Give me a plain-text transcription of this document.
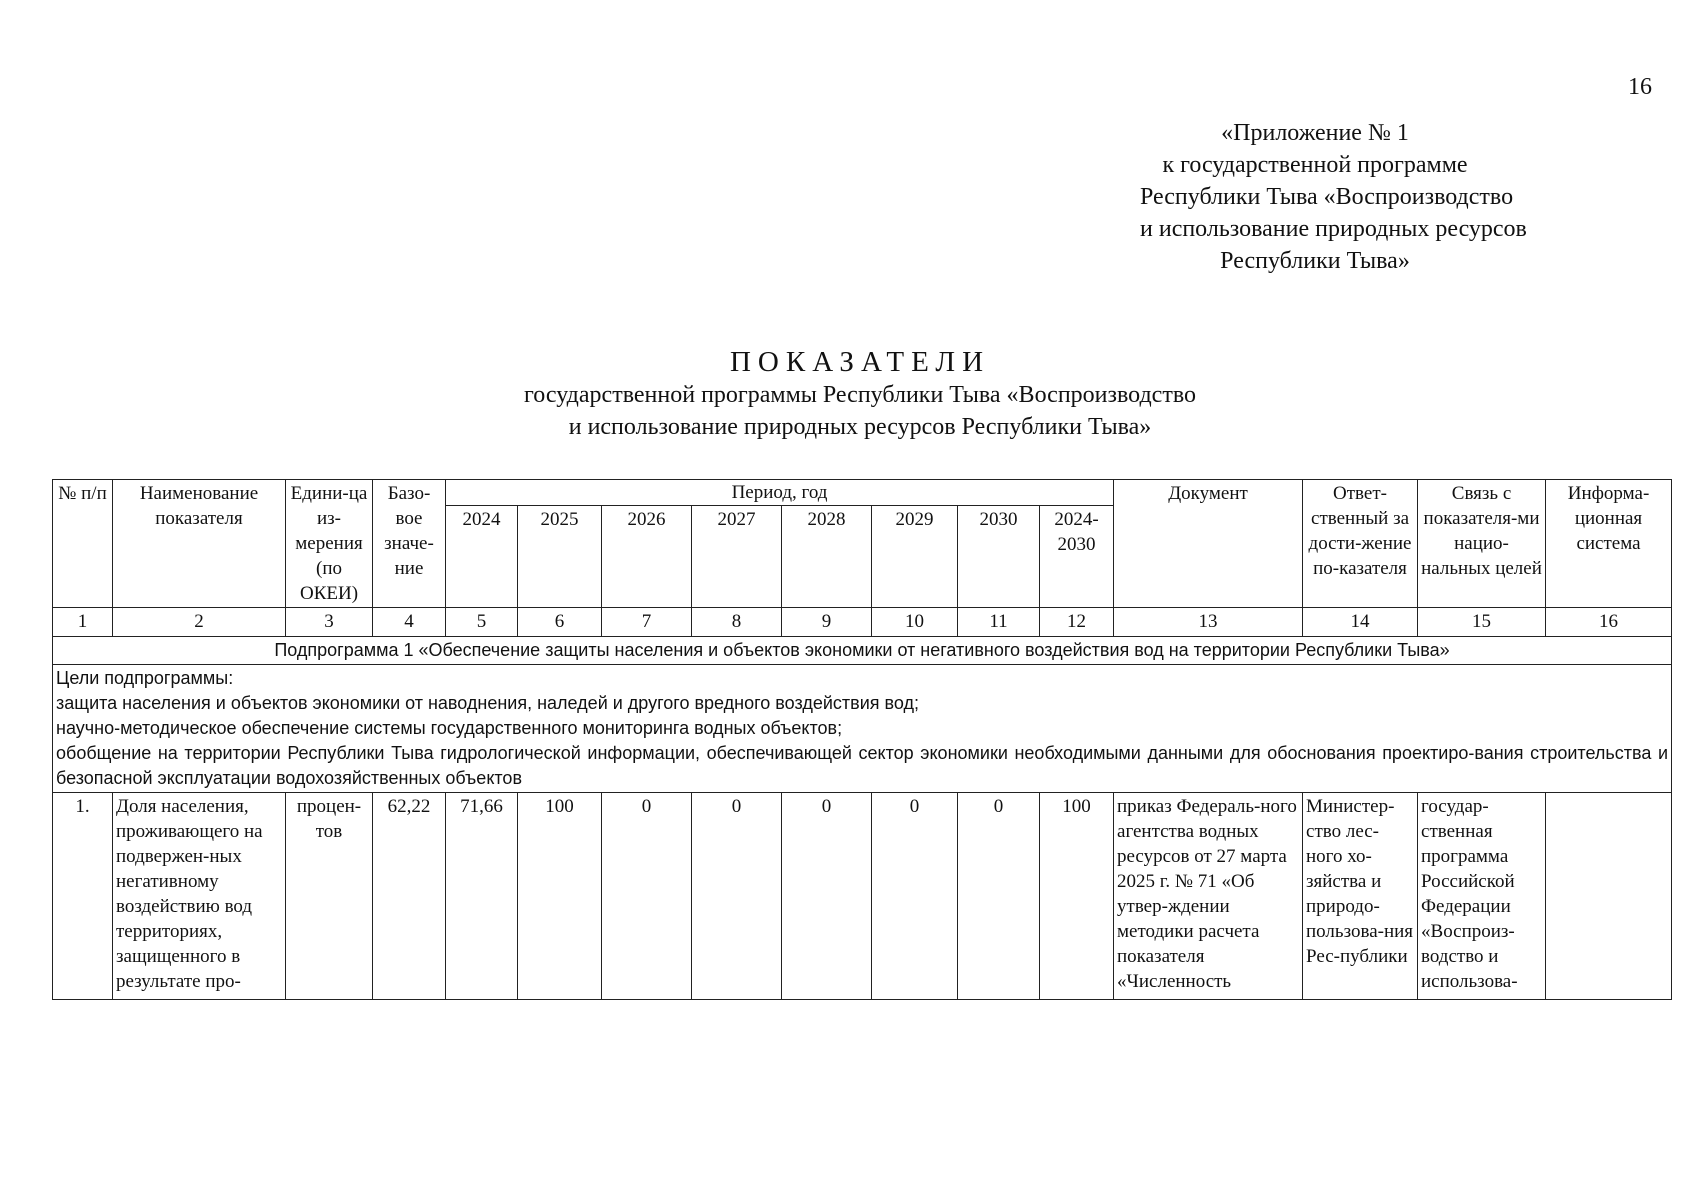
16
«Приложение № 1
к государственной программе
Республики Тыва «Воспроизводство
и использование природных ресурсов
Республики Тыва»
ПОКАЗАТЕЛИ
государственной программы Республики Тыва «Воспроизводство
и использование природных ресурсов Республики Тыва»
№ п/п	Наименование показателя	Едини-ца из-мерения (по ОКЕИ)	Базо-вое значе-ние	Период, год								Документ	Ответ-ственный за дости-жение по-казателя	Связь с показателя-ми нацио-нальных целей	Информа-ционная система
				2024	2025	2026	2027	2028	2029	2030	2024-2030				
1	2	3	4	5	6	7	8	9	10	11	12	13	14	15	16
Подпрограмма 1 «Обеспечение защиты населения и объектов экономики от негативного воздействия вод на территории Республики Тыва»															

Цели подпрограммы:
защита населения и объектов экономики от наводнения, наледей и другого вредного воздействия вод;
научно-методическое обеспечение системы государственного мониторинга водных объектов;
обобщение на территории Республики Тыва гидрологической информации, обеспечивающей сектор экономики необходимыми данными для обоснования проектиро-вания строительства и безопасной эксплуатации водохозяйственных объектов															

1.	Доля населения, проживающего на подвержен-ных негативному воздействию вод территориях, защищенного в результате про-	процен-тов	62,22	71,66	100	0	0	0	0	0	100	приказ Федераль-ного агентства водных ресурсов от 27 марта 2025 г. № 71 «Об утвер-ждении методики расчета показателя «Численность	Министер-ство лес-ного хо-зяйства и природо-пользова-ния Рес-публики	государ-ственная программа Российской Федерации «Воспроиз-водство и использова-	
